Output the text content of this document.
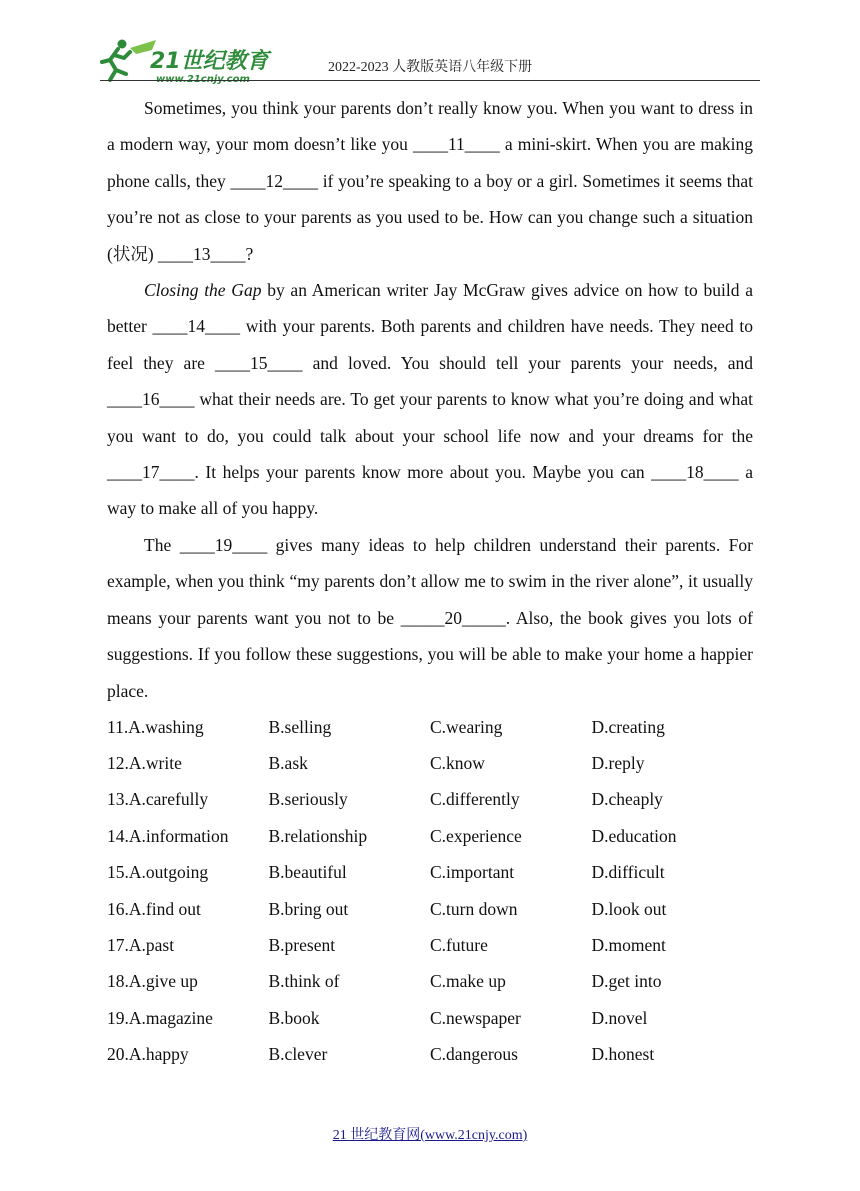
21世纪教育
www.21cnjy.com
2022-2023 人教版英语八年级下册

Sometimes, you think your parents don’t really know you. When you want to dress in a modern way, your mom doesn’t like you ____11____ a mini-skirt. When you are making phone calls, they ____12____ if you’re speaking to a boy or a girl. Sometimes it seems that you’re not as close to your parents as you used to be. How can you change such a situation (状况) ____13____?

Closing the Gap by an American writer Jay McGraw gives advice on how to build a better ____14____ with your parents. Both parents and children have needs. They need to feel they are ____15____ and loved. You should tell your parents your needs, and ____16____ what their needs are. To get your parents to know what you’re doing and what you want to do, you could talk about your school life now and your dreams for the ____17____. It helps your parents know more about you. Maybe you can ____18____ a way to make all of you happy.

The ____19____ gives many ideas to help children understand their parents. For example, when you think “my parents don’t allow me to swim in the river alone”, it usually means your parents want you not to be _____20_____. Also, the book gives you lots of suggestions. If you follow these suggestions, you will be able to make your home a happier place.

11.A.washing	B.selling	C.wearing	D.creating
12.A.write	B.ask	C.know	D.reply
13.A.carefully	B.seriously	C.differently	D.cheaply
14.A.information	B.relationship	C.experience	D.education
15.A.outgoing	B.beautiful	C.important	D.difficult
16.A.find out	B.bring out	C.turn down	D.look out
17.A.past	B.present	C.future	D.moment
18.A.give up	B.think of	C.make up	D.get into
19.A.magazine	B.book	C.newspaper	D.novel
20.A.happy	B.clever	C.dangerous	D.honest
21 世纪教育网(www.21cnjy.com)
